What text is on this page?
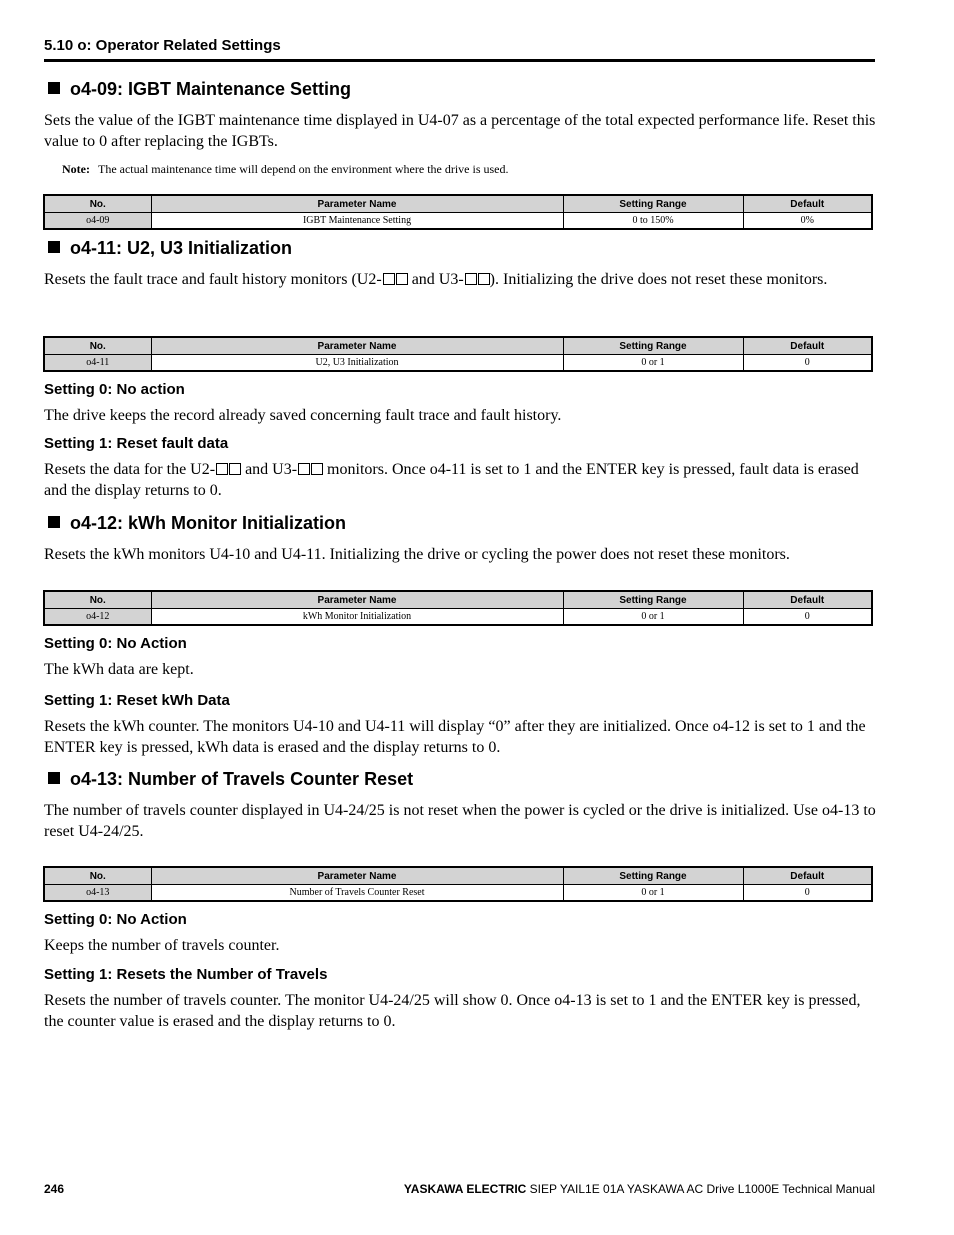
5.10 o: Operator Related Settings
o4-09: IGBT Maintenance Setting
Sets the value of the IGBT maintenance time displayed in U4-07 as a percentage of the total expected performance life. Reset this value to 0 after replacing the IGBTs.
Note: The actual maintenance time will depend on the environment where the drive is used.
No.	Parameter Name	Setting Range	Default
o4-09	IGBT Maintenance Setting	0 to 150%	0%
o4-11: U2, U3 Initialization
Resets the fault trace and fault history monitors (U2- and U3- ). Initializing the drive does not reset these monitors.
No.	Parameter Name	Setting Range	Default
o4-11	U2, U3 Initialization	0 or 1	0
Setting 0: No action
The drive keeps the record already saved concerning fault trace and fault history.
Setting 1: Reset fault data
Resets the data for the U2- and U3- monitors. Once o4-11 is set to 1 and the ENTER key is pressed, fault data is erased and the display returns to 0.
o4-12: kWh Monitor Initialization
Resets the kWh monitors U4-10 and U4-11. Initializing the drive or cycling the power does not reset these monitors.
No.	Parameter Name	Setting Range	Default
o4-12	kWh Monitor Initialization	0 or 1	0
Setting 0: No Action
The kWh data are kept.
Setting 1: Reset kWh Data
Resets the kWh counter. The monitors U4-10 and U4-11 will display “0” after they are initialized. Once o4-12 is set to 1 and the ENTER key is pressed, kWh data is erased and the display returns to 0.
o4-13: Number of Travels Counter Reset
The number of travels counter displayed in U4-24/25 is not reset when the power is cycled or the drive is initialized. Use o4-13 to reset U4-24/25.
No.	Parameter Name	Setting Range	Default
o4-13	Number of Travels Counter Reset	0 or 1	0
Setting 0: No Action
Keeps the number of travels counter.
Setting 1: Resets the Number of Travels
Resets the number of travels counter. The monitor U4-24/25 will show 0. Once o4-13 is set to 1 and the ENTER key is pressed, the counter value is erased and the display returns to 0.
246	YASKAWA ELECTRIC SIEP YAIL1E 01A YASKAWA AC Drive L1000E Technical Manual
